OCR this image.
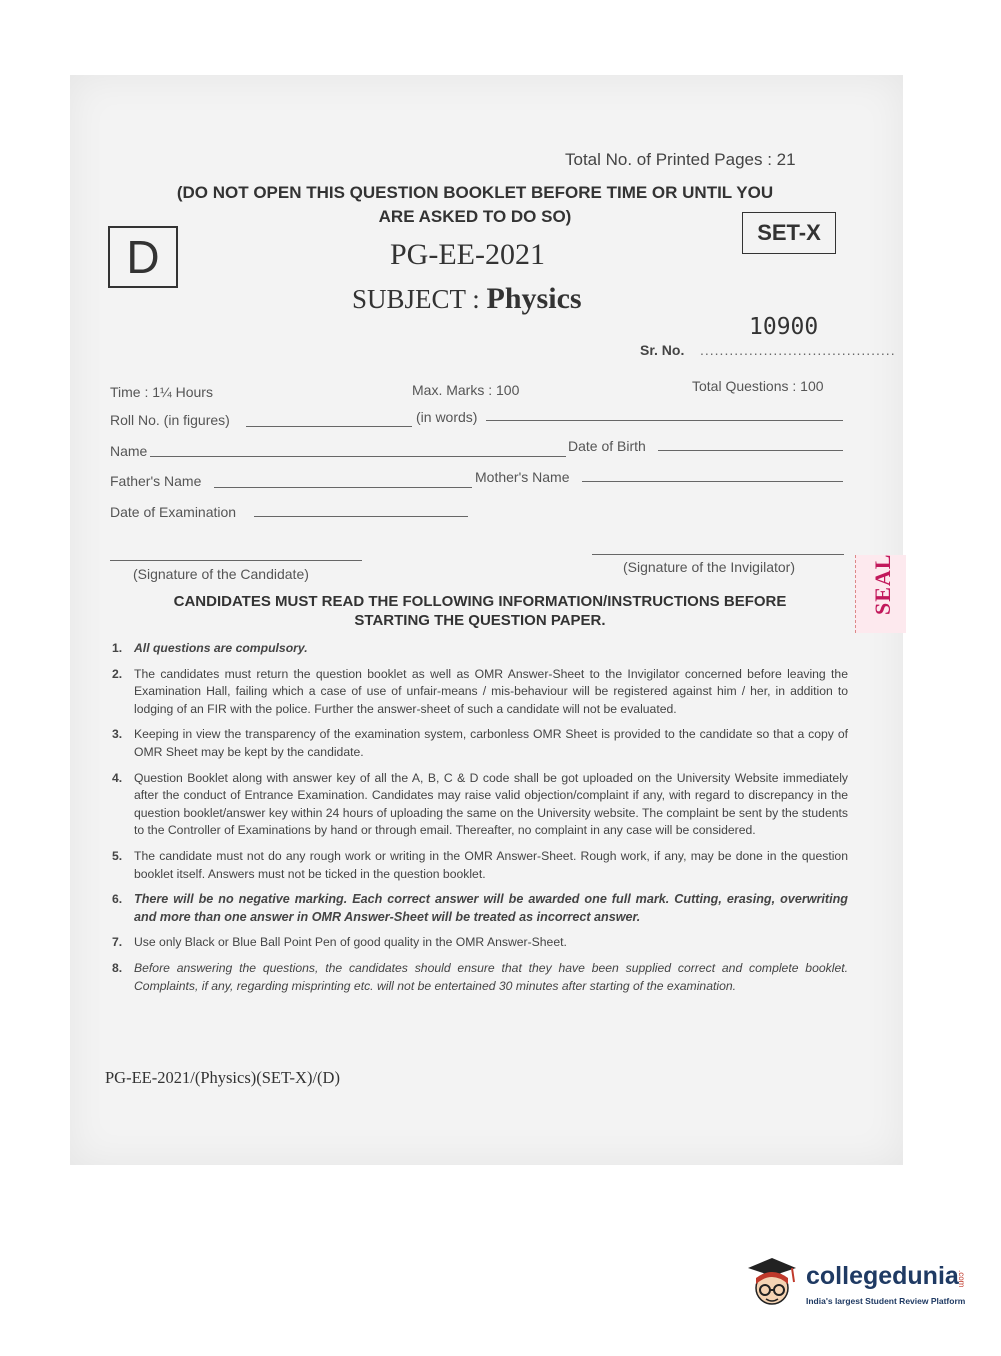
Total No. of Printed Pages : 21
(DO NOT OPEN THIS QUESTION BOOKLET BEFORE TIME OR UNTIL YOU
ARE ASKED TO DO SO)
D	SET-X
PG-EE-2021
SUBJECT : Physics
10900
Sr. No. ........................................
Time : 1¼ Hours	Max. Marks : 100	Total Questions : 100
Roll No. (in figures)	(in words)
Name	Date of Birth
Father's Name	Mother's Name
Date of Examination
(Signature of the Candidate)	(Signature of the Invigilator)	SEAL
CANDIDATES MUST READ THE FOLLOWING INFORMATION/INSTRUCTIONS BEFORE
STARTING THE QUESTION PAPER.
1. All questions are compulsory.
2. The candidates must return the question booklet as well as OMR Answer-Sheet to the Invigilator concerned before leaving the Examination Hall, failing which a case of use of unfair-means / mis-behaviour will be registered against him / her, in addition to lodging of an FIR with the police. Further the answer-sheet of such a candidate will not be evaluated.
3. Keeping in view the transparency of the examination system, carbonless OMR Sheet is provided to the candidate so that a copy of OMR Sheet may be kept by the candidate.
4. Question Booklet along with answer key of all the A, B, C & D code shall be got uploaded on the University Website immediately after the conduct of Entrance Examination. Candidates may raise valid objection/complaint if any, with regard to discrepancy in the question booklet/answer key within 24 hours of uploading the same on the University website. The complaint be sent by the students to the Controller of Examinations by hand or through email. Thereafter, no complaint in any case will be considered.
5. The candidate must not do any rough work or writing in the OMR Answer-Sheet. Rough work, if any, may be done in the question booklet itself. Answers must not be ticked in the question booklet.
6. There will be no negative marking. Each correct answer will be awarded one full mark. Cutting, erasing, overwriting and more than one answer in OMR Answer-Sheet will be treated as incorrect answer.
7. Use only Black or Blue Ball Point Pen of good quality in the OMR Answer-Sheet.
8. Before answering the questions, the candidates should ensure that they have been supplied correct and complete booklet. Complaints, if any, regarding misprinting etc. will not be entertained 30 minutes after starting of the examination.
PG-EE-2021/(Physics)(SET-X)/(D)
collegedunia
.com
India's largest Student Review Platform
